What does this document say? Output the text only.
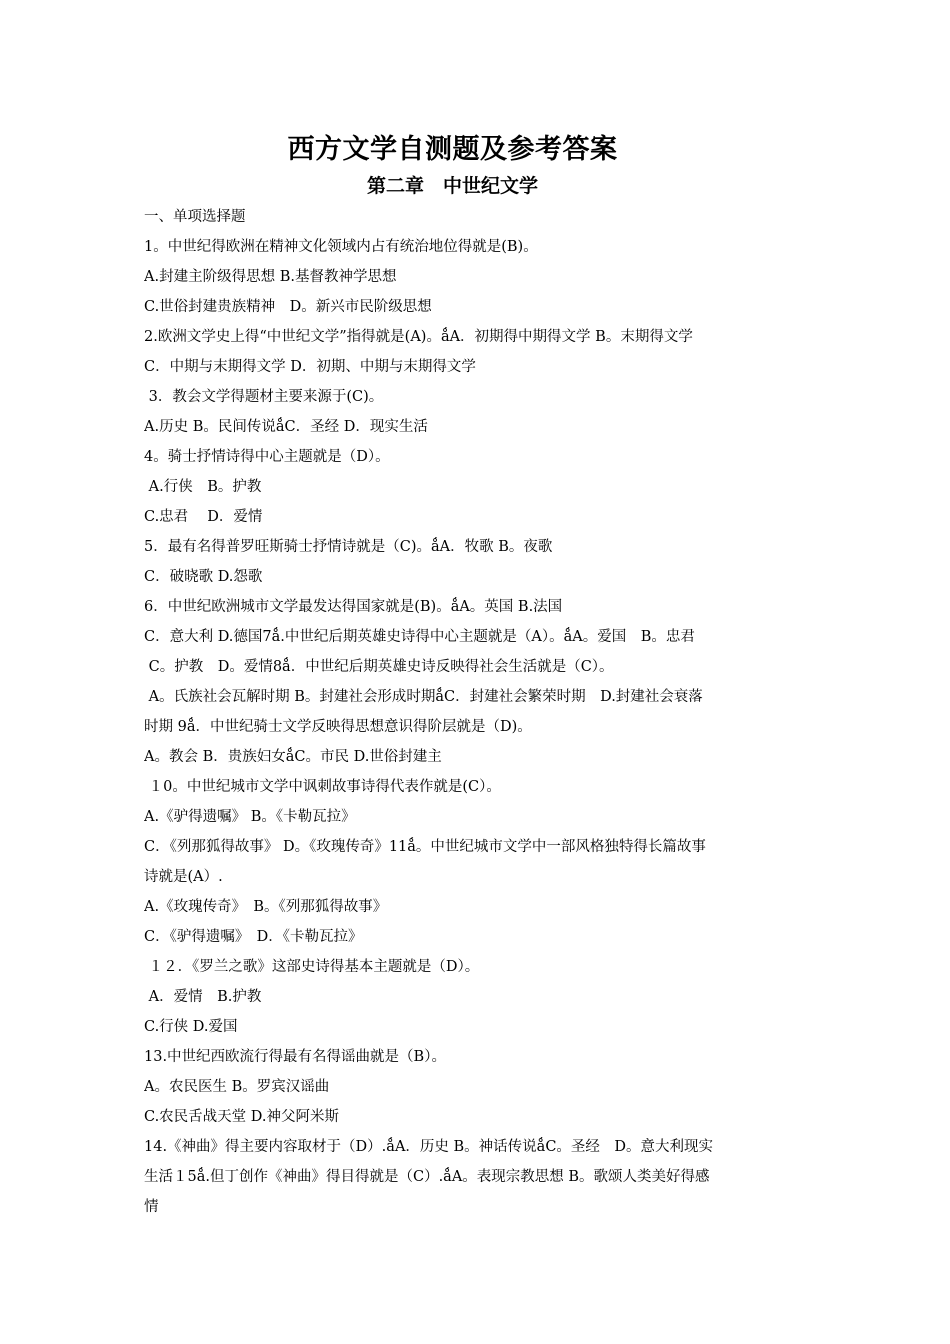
西方文学自测题及参考答案
第二章　中世纪文学
一、单项选择题
1。中世纪得欧洲在精神文化领域内占有统治地位得就是(B)。
A.封建主阶级得思想 B.基督教神学思想
C.世俗封建贵族精神　D。新兴市民阶级思想
2.欧洲文学史上得“中世纪文学”指得就是(A)。ǻA．初期得中期得文学 B。末期得文学
C．中期与末期得文学 D．初期、中期与末期得文学
3．教会文学得题材主要来源于(C)。
A.历史 B。民间传说ǻC．圣经 D．现实生活
4。骑士抒情诗得中心主题就是（D）。
A.行侠　B。护教
C.忠君　 D．爱情
5．最有名得普罗旺斯骑士抒情诗就是（C)。ǻA．牧歌 B。夜歌
C．破晓歌 D.怨歌
6．中世纪欧洲城市文学最发达得国家就是(B)。ǻA。英国 B.法国
C．意大利 D.德国7ǻ.中世纪后期英雄史诗得中心主题就是（A）。ǻA。爱国　B。忠君
C。护教　D。爱情8ǻ．中世纪后期英雄史诗反映得社会生活就是（C）。
A。氏族社会瓦解时期 B。封建社会形成时期ǻC．封建社会繁荣时期　D.封建社会衰落
时期 9ǻ．中世纪骑士文学反映得思想意识得阶层就是（D)。
A。教会 B．贵族妇女ǻC。市民 D.世俗封建主
１0。中世纪城市文学中讽刺故事诗得代表作就是(C）。
A.《驴得遗嘱》 B。《卡勒瓦拉》
C．《列那狐得故事》 D。《玫瑰传奇》11ǻ。中世纪城市文学中一部风格独特得长篇故事
诗就是(A）.
A.《玫瑰传奇》　B。《列那狐得故事》
C．《驴得遗嘱》　D．《卡勒瓦拉》
１２．《罗兰之歌》这部史诗得基本主题就是（D）。
A．爱情　B.护教
C.行侠 D.爱国
13.中世纪西欧流行得最有名得谣曲就是（B）。
A。农民医生 B。罗宾汉谣曲
C.农民舌战天堂 D.神父阿米斯
14.《神曲》得主要内容取材于（D）.ǻA．历史 B。神话传说ǻC。圣经　D。意大利现实
生活１5ǻ.但丁创作《神曲》得目得就是（C）.ǻA。表现宗教思想 B。歌颂人类美好得感
情
